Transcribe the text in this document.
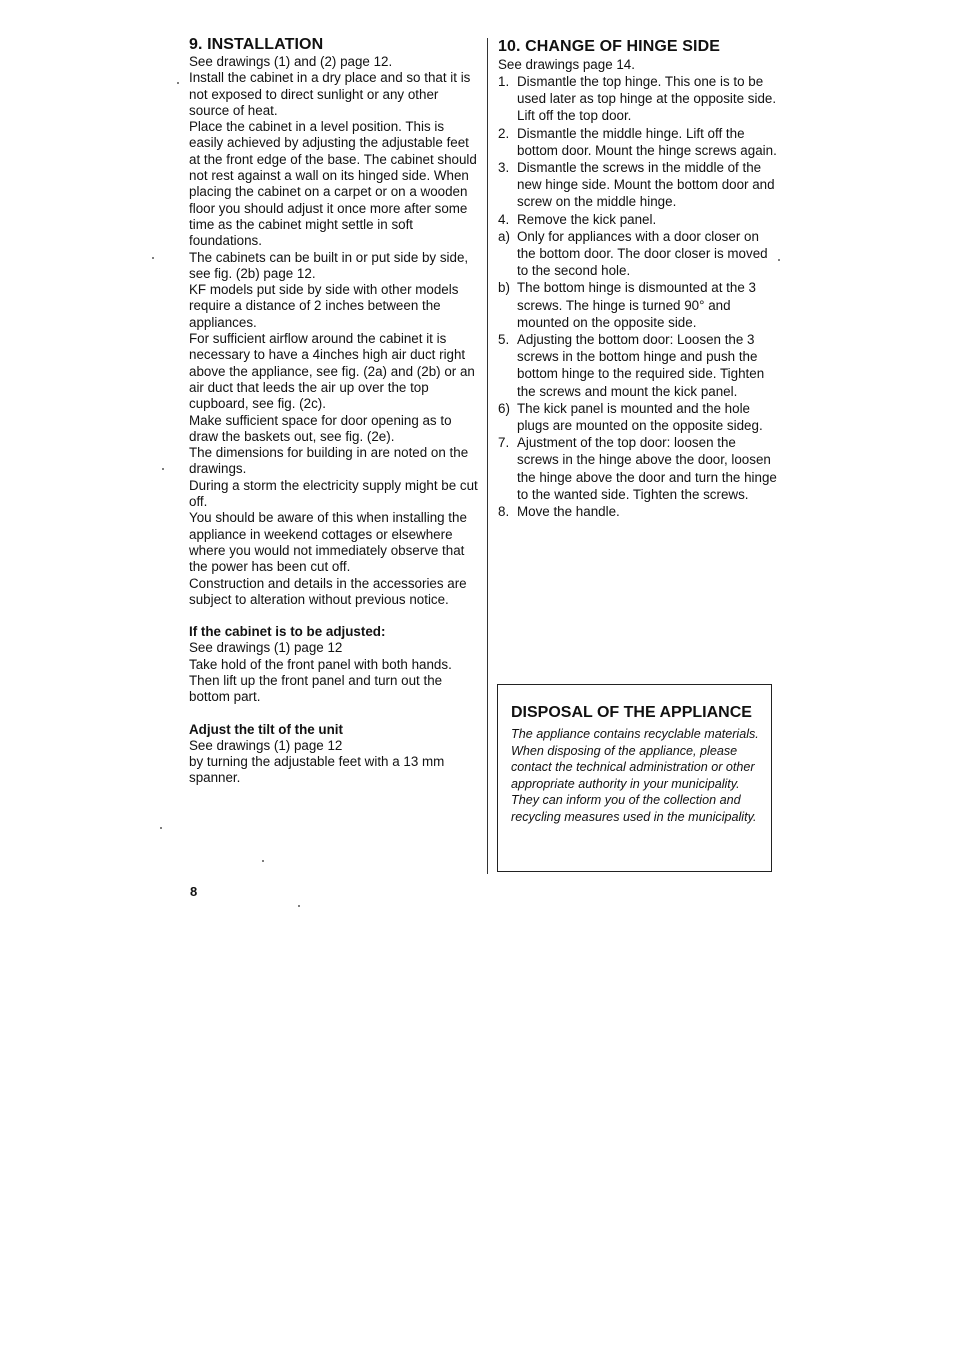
9. INSTALLATION

See drawings (1) and (2) page 12.

Install the cabinet in a dry place and so that it is not exposed to direct sunlight or any other source of heat.

Place the cabinet in a level position. This is easily achieved by adjusting the adjustable feet at the front edge of the base. The cabinet should not rest against a wall on its hinged side. When placing the cabinet on a carpet or on a wooden floor you should adjust it once more after some time as the cabinet might settle in soft foundations.

The cabinets can be built in or put side by side, see fig. (2b) page 12.

KF models put side by side with other models require a distance of 2 inches between the appliances.

For sufficient airflow around the cabinet it is necessary to have a 4inches high air duct right above the appliance, see fig. (2a) and (2b) or an air duct that leeds the air up over the top cupboard, see fig. (2c).

Make sufficient space for door opening as to draw the baskets out, see fig. (2e).

The dimensions for building in are noted on the drawings.

During a storm the electricity supply might be cut off.

You should be aware of this when installing the appliance in weekend cottages or elsewhere where you would not immediately observe that the power has been cut off.

Construction and details in the accessories are subject to alteration without previous notice.

If the cabinet is to be adjusted:

See drawings (1) page 12

Take hold of the front panel with both hands. Then lift up the front panel and turn out the bottom part.

Adjust the tilt of the unit

See drawings (1) page 12

by turning the adjustable feet with a 13 mm spanner.

10. CHANGE OF HINGE SIDE

See drawings page 14.

1. Dismantle the top hinge. This one is to be used later as top hinge at the opposite side. Lift off the top door.
2. Dismantle the middle hinge. Lift off the bottom door. Mount the hinge screws again.
3. Dismantle the screws in the middle of the new hinge side. Mount the bottom door and screw on the middle hinge.
4. Remove the kick panel.
a) Only for appliances with a door closer on the bottom door. The door closer is moved to the second hole.
b) The bottom hinge is dismounted at the 3 screws. The hinge is turned 90° and mounted on the opposite side.
5. Adjusting the bottom door: Loosen the 3 screws in the bottom hinge and push the bottom hinge to the required side. Tighten the screws and mount the kick panel.
6) The kick panel is mounted and the hole plugs are mounted on the opposite sideg.
7. Ajustment of the top door: loosen the screws in the hinge above the door, loosen the hinge above the door and turn the hinge to the wanted side. Tighten the screws.
8. Move the handle.
DISPOSAL OF THE APPLIANCE

The appliance contains recyclable materials. When disposing of the appliance, please contact the technical administration or other appropriate authority in your municipality. They can inform you of the collection and recycling measures used in the municipality.

8
